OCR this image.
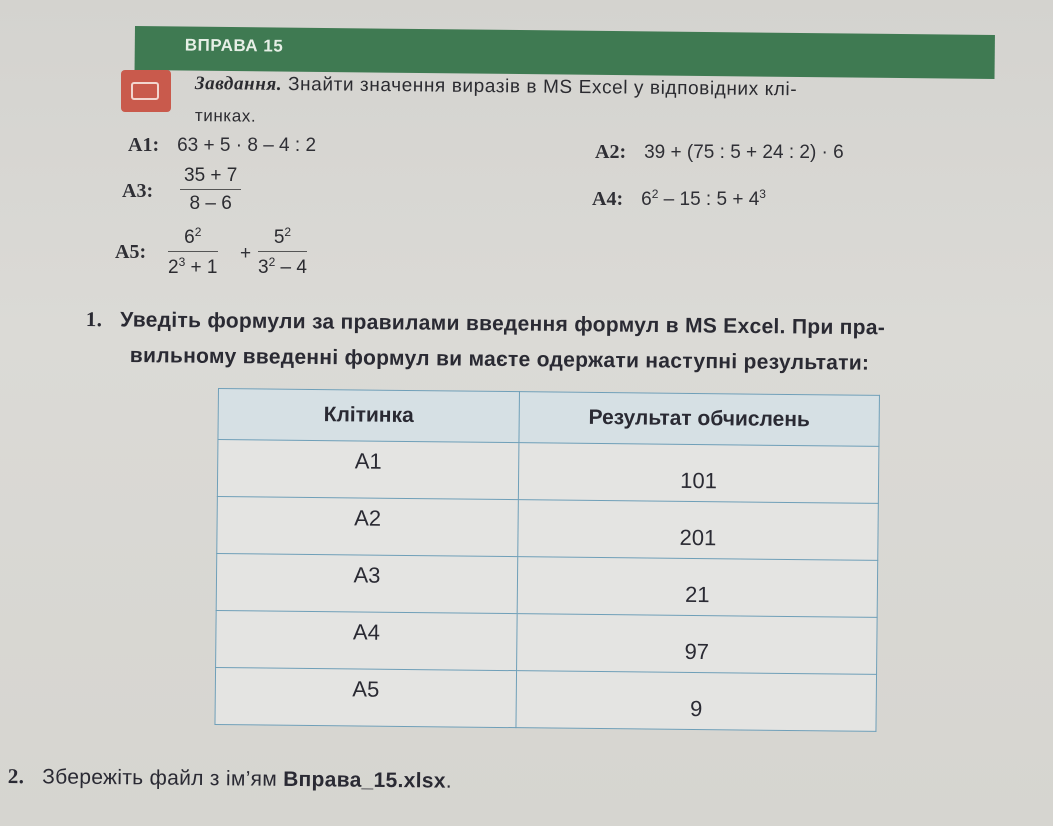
ВПРАВА 15
Завдання. Знайти значення виразів в MS Excel у відповідних клі-
тинках.
A1: 63 + 5 · 8 – 4 : 2	A2: 39 + (75 : 5 + 24 : 2) · 6
A3:	$\frac{35 + 7}{8 - 6}$	A4: $6^2 - 15$ : $5 + 4^3$
A5:	$\frac{6^2}{2^3 + 1} + \frac{5^2}{3^2 - 4}$
1. Уведіть формули за правилами введення формул в MS Excel. При пра-
вильному введенні формул ви маєте одержати наступні результати:
Клітинка	Результат обчислень
A1	101
A2	201
A3	21
A4	97
A5	9
2. Збережіть файл з ім’ям Вправа_15.xlsx.
